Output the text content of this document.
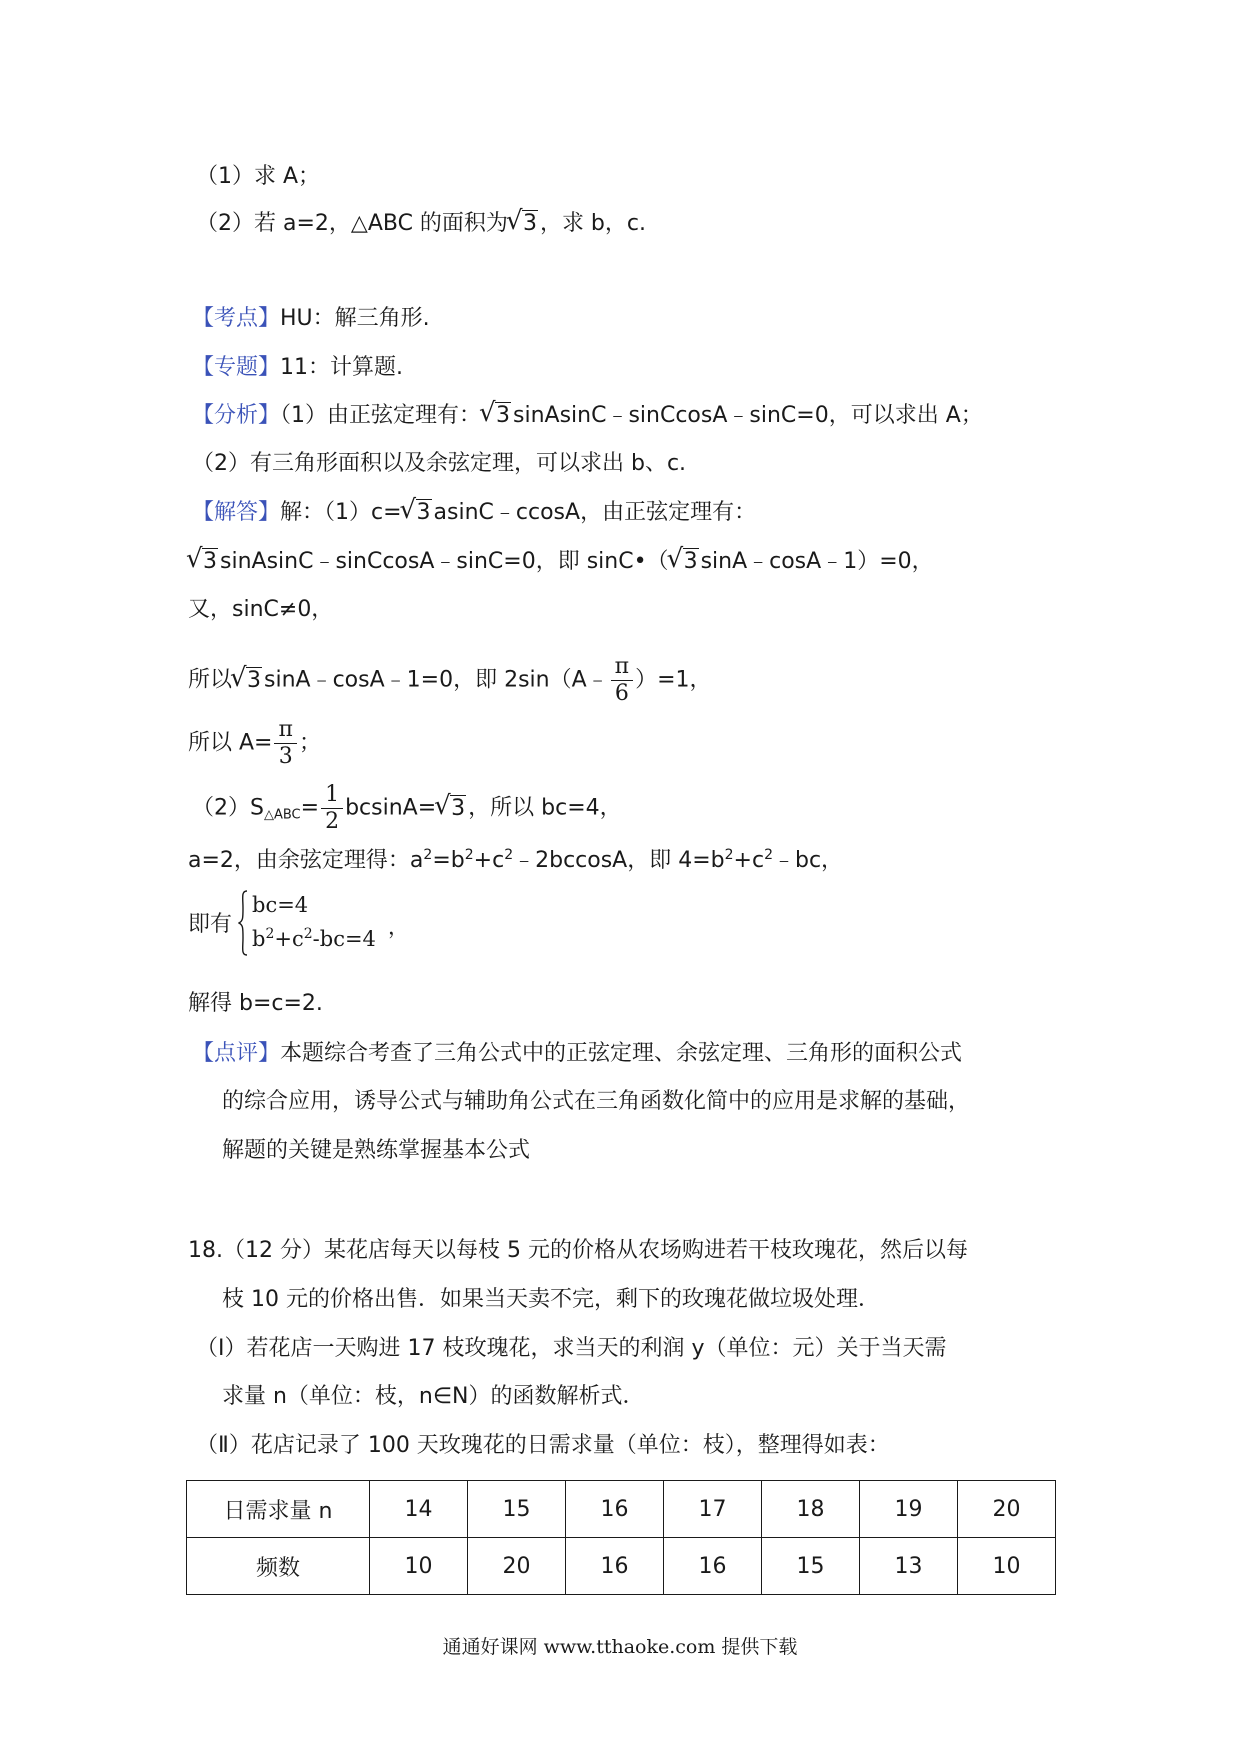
（1）求 A；
（2）若 a=2，△ABC 的面积为 √ 3 ，求 b，c.
【考点】HU：解三角形.
【专题】11：计算题.
【分析】（1）由正弦定理有： √ 3 sinAsinC﹣sinCcosA﹣sinC=0，可以求出 A；
（2）有三角形面积以及余弦定理，可以求出 b、c.
【解答】解：（1）c= √ 3 asinC﹣ccosA，由正弦定理有：
√ 3 sinAsinC﹣sinCcosA﹣sinC=0，即 sinC•（ √ 3 sinA﹣cosA﹣1）=0，
又，sinC≠0，
所以 √ 3 sinA﹣cosA﹣1=0，即 2sin（A﹣ $\frac{\pi}{6} )=1$，
所以 $A= \frac{\pi}{3}$ ；
$(2)S_{\triangle ABC}= \frac{1}{2} bcsinA=$ √ 3 ，所以 bc=4，
a=2，由余弦定理得：$a^2=b^2+c^2﹣2bccosA$，即 $4=b^2+c^2﹣bc$，
即有
bc=4
$b^2+c^2-bc=4$ ，
解得 b=c=2.
【点评】本题综合考查了三角公式中的正弦定理、余弦定理、三角形的面积公式
的综合应用，诱导公式与辅助角公式在三角函数化简中的应用是求解的基础，
解题的关键是熟练掌握基本公式
18.（12 分）某花店每天以每枝 5 元的价格从农场购进若干枝玫瑰花，然后以每
枝 10 元的价格出售．如果当天卖不完，剩下的玫瑰花做垃圾处理．
（Ⅰ）若花店一天购进 17 枝玫瑰花，求当天的利润 y（单位：元）关于当天需
求量 n（单位：枝，n∈N）的函数解析式．
（Ⅱ）花店记录了 100 天玫瑰花的日需求量（单位：枝），整理得如表：
日需求量 n	14	15	16	17	18	19	20
频数	10	20	16	16	15	13	10
通通好课网 www.tthaoke.com 提供下载
